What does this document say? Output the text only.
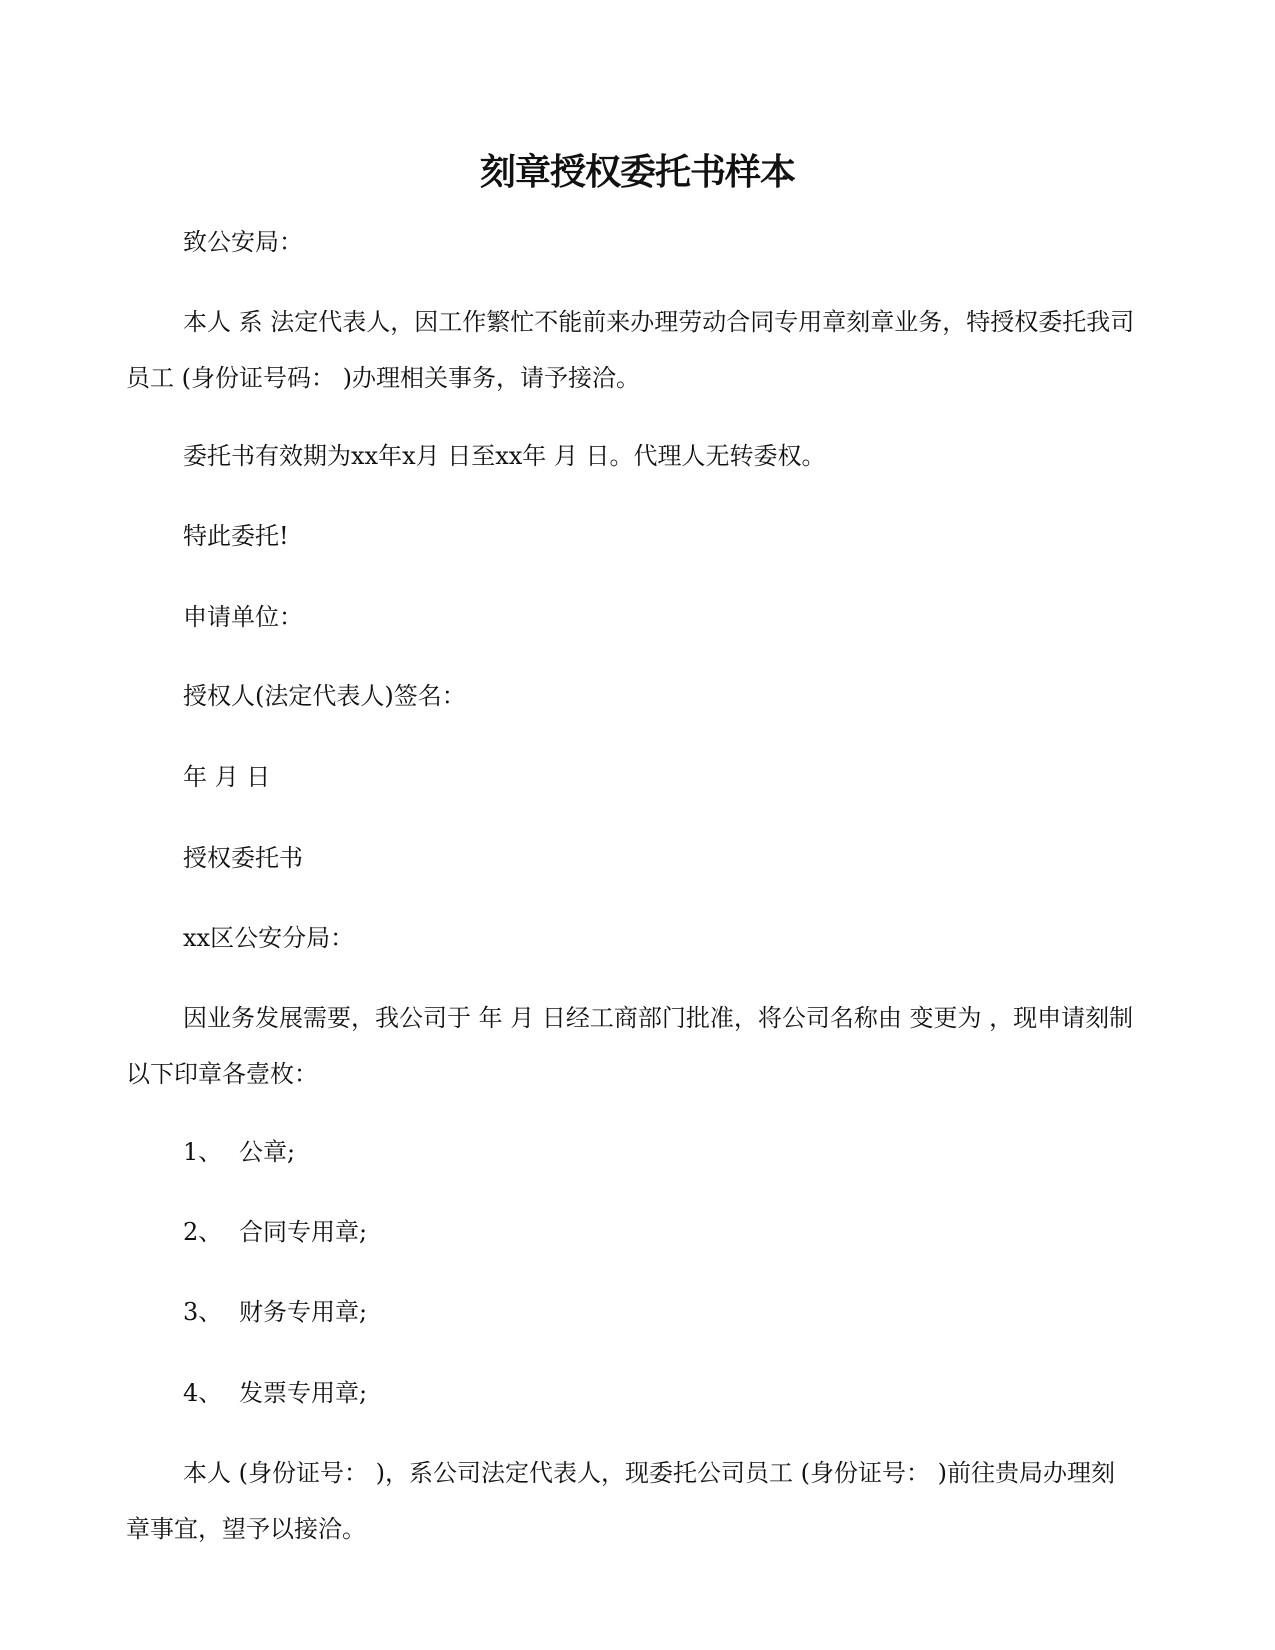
刻章授权委托书样本

致公安局：

本人 系 法定代表人，因工作繁忙不能前来办理劳动合同专用章刻章业务，特授权委托我司员工 (身份证号码： )办理相关事务，请予接洽。

委托书有效期为xx年x月 日至xx年 月 日。代理人无转委权。

特此委托!

申请单位：

授权人(法定代表人)签名：

年 月 日

授权委托书

xx区公安分局：

因业务发展需要，我公司于 年 月 日经工商部门批准，将公司名称由 变更为 ，现申请刻制以下印章各壹枚：

1、 公章;
2、 合同专用章;
3、 财务专用章;
4、 发票专用章;

本人 (身份证号： )，系公司法定代表人，现委托公司员工 (身份证号： )前往贵局办理刻章事宜，望予以接洽。
